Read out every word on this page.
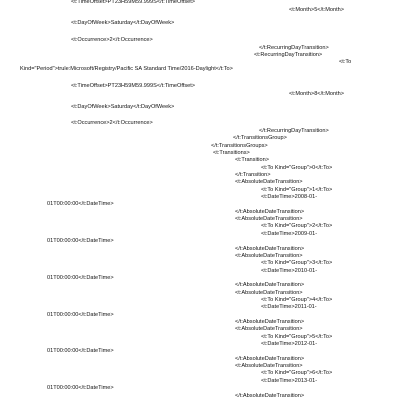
<t:TimeOffset>PT23H59M59.999S</t:TimeOffset>
<t:Month>5</t:Month>
<t:DayOfWeek>Saturday</t:DayOfWeek>
<t:Occurrence>2</t:Occurrence>
</t:RecurringDayTransition>
<t:RecurringDayTransition>
<t:To
Kind="Period">trule:Microsoft/Registry/Pacific SA Standard Time/2016-Daylight</t:To>
<t:TimeOffset>PT23H59M59.999S</t:TimeOffset>
<t:Month>8</t:Month>
<t:DayOfWeek>Saturday</t:DayOfWeek>
<t:Occurrence>2</t:Occurrence>
</t:RecurringDayTransition>
</t:TransitionsGroup>
</t:TransitionsGroups>
<t:Transitions>
<t:Transition>
<t:To Kind="Group">0</t:To>
</t:Transition>
<t:AbsoluteDateTransition>
<t:To Kind="Group">1</t:To>
<t:DateTime>2008-01-
01T00:00:00</t:DateTime>
</t:AbsoluteDateTransition>
<t:AbsoluteDateTransition>
<t:To Kind="Group">2</t:To>
<t:DateTime>2009-01-
01T00:00:00</t:DateTime>
</t:AbsoluteDateTransition>
<t:AbsoluteDateTransition>
<t:To Kind="Group">3</t:To>
<t:DateTime>2010-01-
01T00:00:00</t:DateTime>
</t:AbsoluteDateTransition>
<t:AbsoluteDateTransition>
<t:To Kind="Group">4</t:To>
<t:DateTime>2011-01-
01T00:00:00</t:DateTime>
</t:AbsoluteDateTransition>
<t:AbsoluteDateTransition>
<t:To Kind="Group">5</t:To>
<t:DateTime>2012-01-
01T00:00:00</t:DateTime>
</t:AbsoluteDateTransition>
<t:AbsoluteDateTransition>
<t:To Kind="Group">6</t:To>
<t:DateTime>2013-01-
01T00:00:00</t:DateTime>
</t:AbsoluteDateTransition>
